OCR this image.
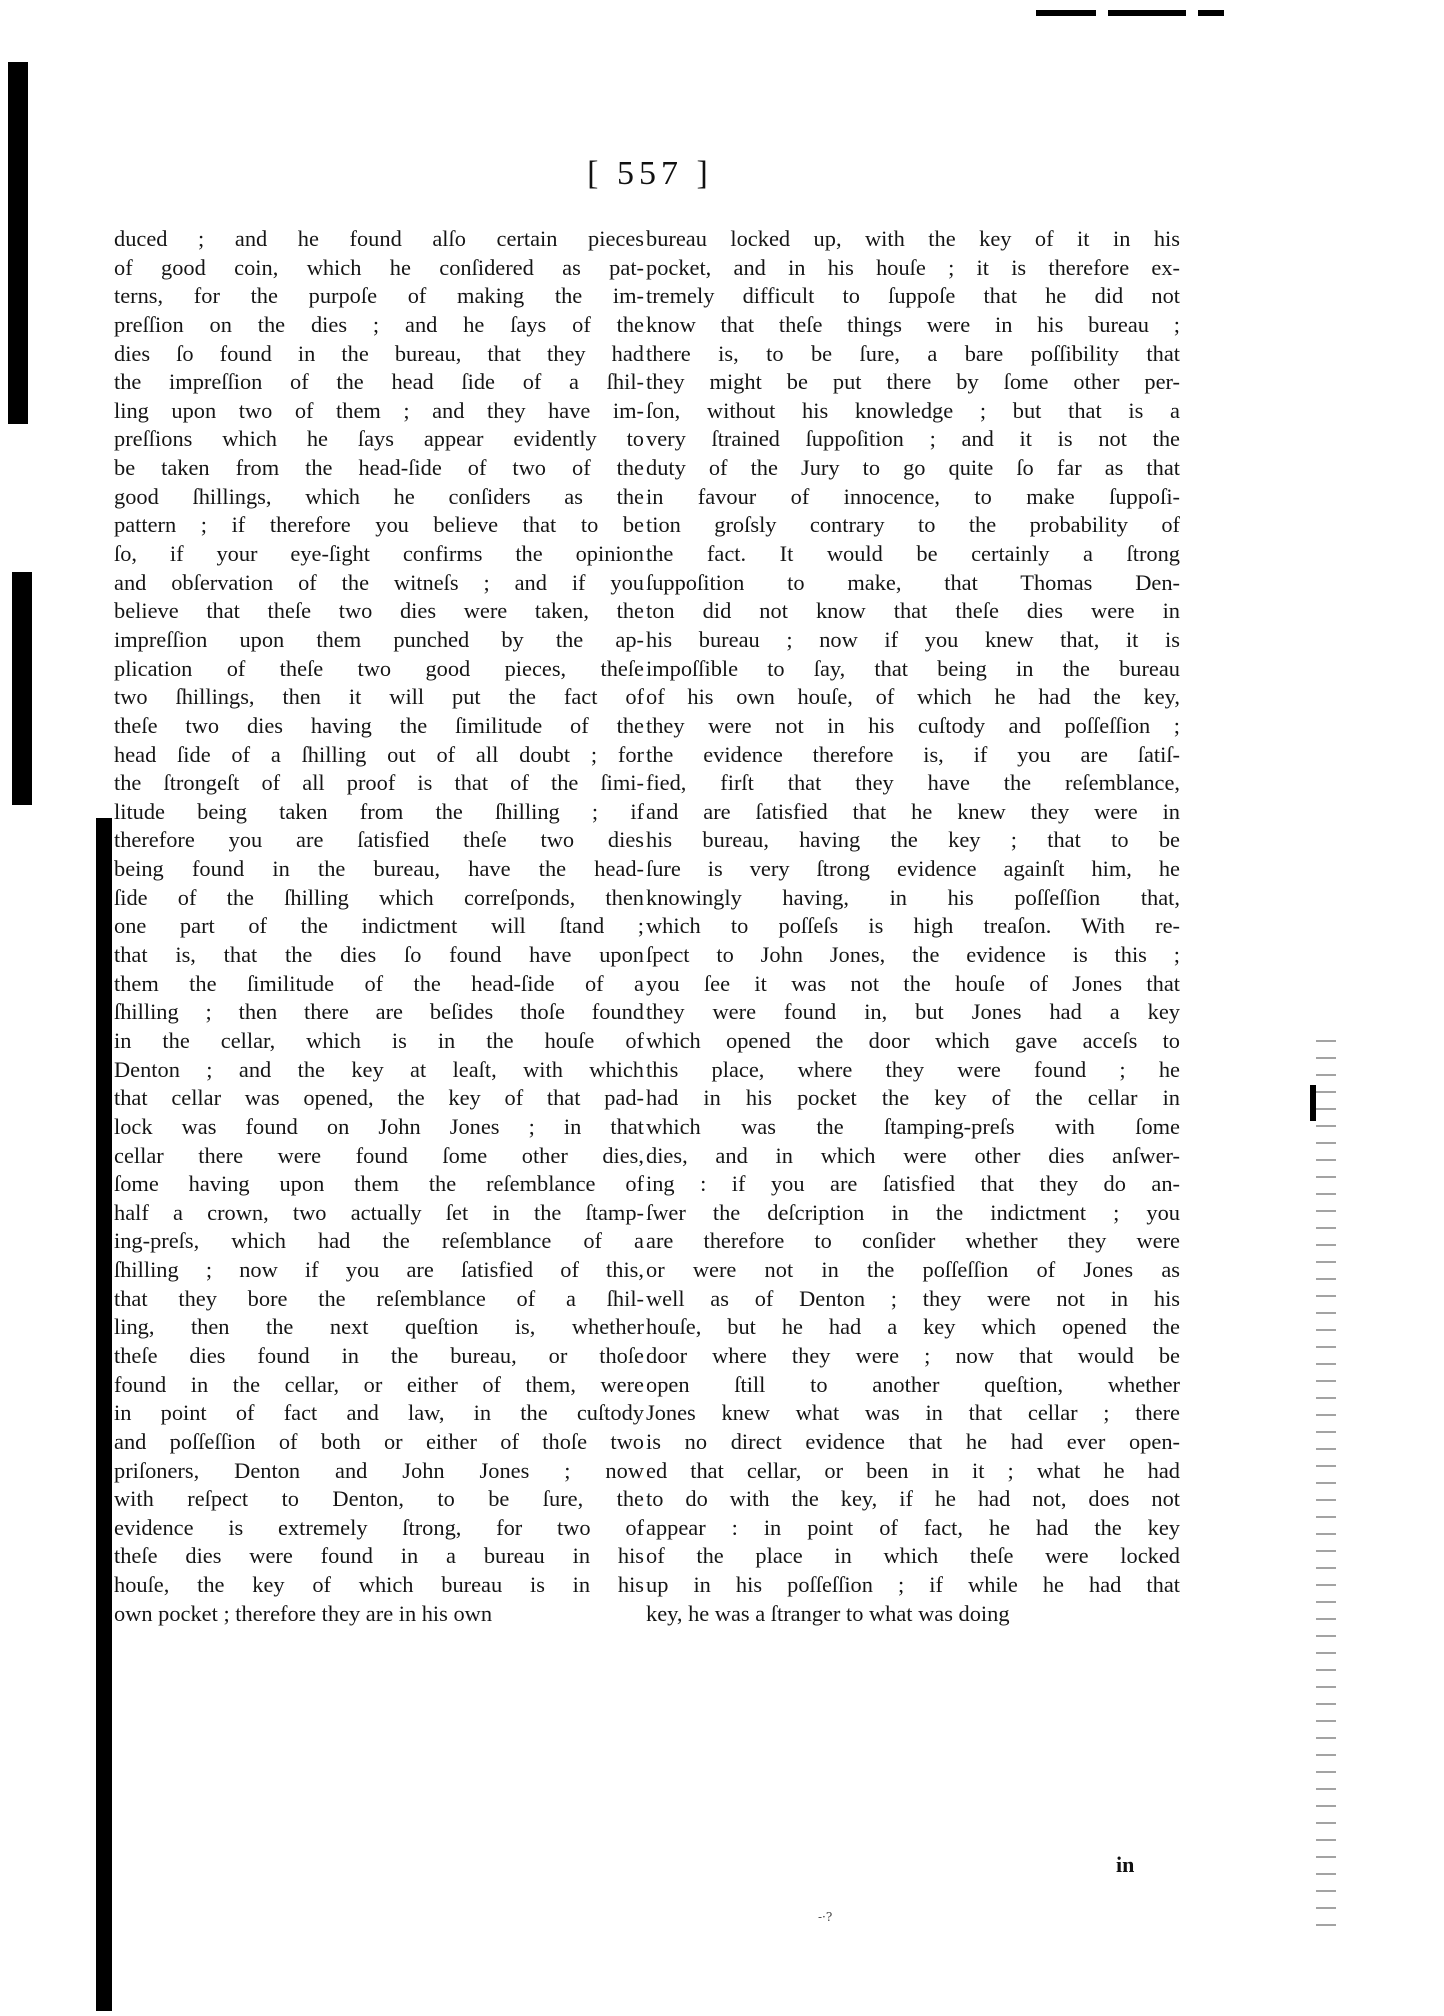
[ 557 ]
duced ; and he found alſo certain pieces
of good coin, which he conſidered as pat-
terns, for the purpoſe of making the im-
preſſion on the dies ; and he ſays of the
dies ſo found in the bureau, that they had
the impreſſion of the head ſide of a ſhil-
ling upon two of them ; and they have im-
preſſions which he ſays appear evidently to
be taken from the head-ſide of two of the
good ſhillings, which he conſiders as the
pattern ; if therefore you believe that to be
ſo, if your eye-ſight confirms the opinion
and obſervation of the witneſs ; and if you
believe that theſe two dies were taken, the
impreſſion upon them punched by the ap-
plication of theſe two good pieces, theſe
two ſhillings, then it will put the fact of
theſe two dies having the ſimilitude of the
head ſide of a ſhilling out of all doubt ; for
the ſtrongeſt of all proof is that of the ſimi-
litude being taken from the ſhilling ; if
therefore you are ſatisfied theſe two dies
being found in the bureau, have the head-
ſide of the ſhilling which correſponds, then
one part of the indictment will ſtand ;
that is, that the dies ſo found have upon
them the ſimilitude of the head-ſide of a
ſhilling ; then there are beſides thoſe found
in the cellar, which is in the houſe of
Denton ; and the key at leaſt, with which
that cellar was opened, the key of that pad-
lock was found on John Jones ; in that
cellar there were found ſome other dies,
ſome having upon them the reſemblance of
half a crown, two actually ſet in the ſtamp-
ing-preſs, which had the reſemblance of a
ſhilling ; now if you are ſatisfied of this,
that they bore the reſemblance of a ſhil-
ling, then the next queſtion is, whether
theſe dies found in the bureau, or thoſe
found in the cellar, or either of them, were
in point of fact and law, in the cuſtody
and poſſeſſion of both or either of thoſe two
priſoners, Denton and John Jones ; now
with reſpect to Denton, to be ſure, the
evidence is extremely ſtrong, for two of
theſe dies were found in a bureau in his
houſe, the key of which bureau is in his
own pocket ; therefore they are in his own
bureau locked up, with the key of it in his
pocket, and in his houſe ; it is therefore ex-
tremely difficult to ſuppoſe that he did not
know that theſe things were in his bureau ;
there is, to be ſure, a bare poſſibility that
they might be put there by ſome other per-
ſon, without his knowledge ; but that is a
very ſtrained ſuppoſition ; and it is not the
duty of the Jury to go quite ſo far as that
in favour of innocence, to make ſuppoſi-
tion groſsly contrary to the probability of
the fact. It would be certainly a ſtrong
ſuppoſition to make, that Thomas Den-
ton did not know that theſe dies were in
his bureau ; now if you knew that, it is
impoſſible to ſay, that being in the bureau
of his own houſe, of which he had the key,
they were not in his cuſtody and poſſeſſion ;
the evidence therefore is, if you are ſatiſ-
fied, firſt that they have the reſemblance,
and are ſatisfied that he knew they were in
his bureau, having the key ; that to be
ſure is very ſtrong evidence againſt him, he
knowingly having, in his poſſeſſion that,
which to poſſeſs is high treaſon. With re-
ſpect to John Jones, the evidence is this ;
you ſee it was not the houſe of Jones that
they were found in, but Jones had a key
which opened the door which gave acceſs to
this place, where they were found ; he
had in his pocket the key of the cellar in
which was the ſtamping-preſs with ſome
dies, and in which were other dies anſwer-
ing : if you are ſatisfied that they do an-
ſwer the deſcription in the indictment ; you
are therefore to conſider whether they were
or were not in the poſſeſſion of Jones as
well as of Denton ; they were not in his
houſe, but he had a key which opened the
door where they were ; now that would be
open ſtill to another queſtion, whether
Jones knew what was in that cellar ; there
is no direct evidence that he had ever open-
ed that cellar, or been in it ; what he had
to do with the key, if he had not, does not
appear : in point of fact, he had the key
of the place in which theſe were locked
up in his poſſeſſion ; if while he had that
key, he was a ſtranger to what was doing
in
-·?
